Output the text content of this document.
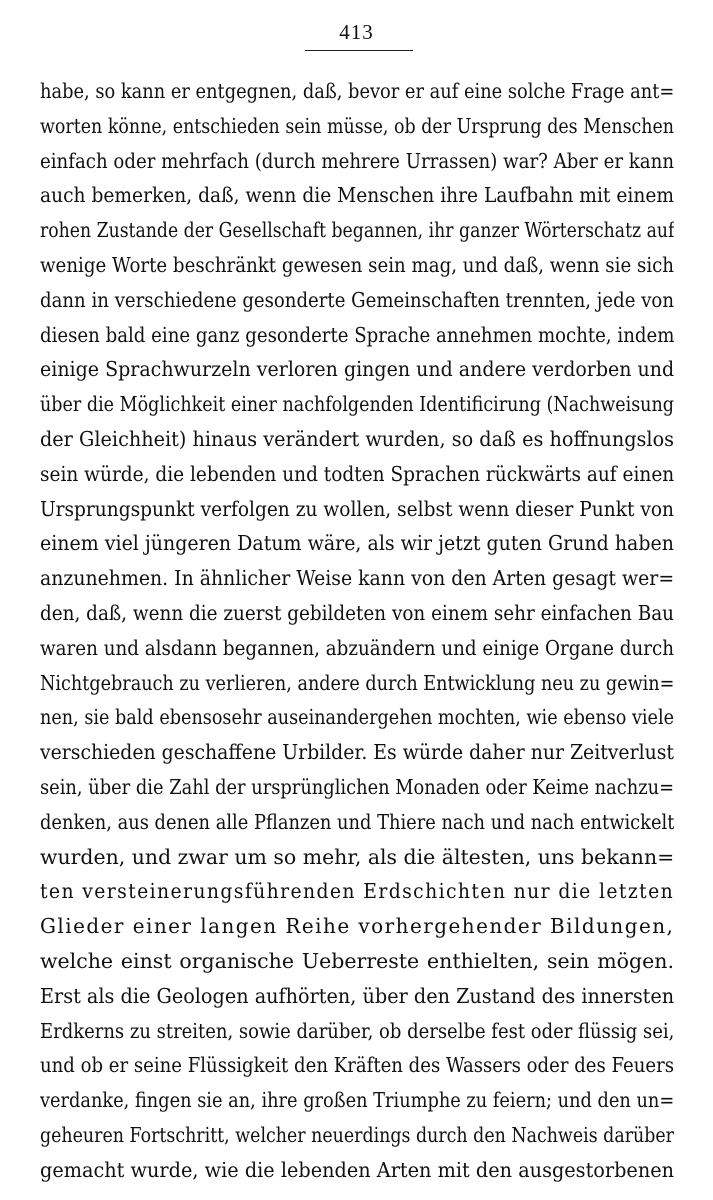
413
habe, so kann er entgegnen, daß, bevor er auf eine solche Frage ant=
worten könne, entschieden sein müsse, ob der Ursprung des Menschen
einfach oder mehrfach (durch mehrere Urrassen) war? Aber er kann
auch bemerken, daß, wenn die Menschen ihre Laufbahn mit einem
rohen Zustande der Gesellschaft begannen, ihr ganzer Wörterschatz auf
wenige Worte beschränkt gewesen sein mag, und daß, wenn sie sich
dann in verschiedene gesonderte Gemeinschaften trennten, jede von
diesen bald eine ganz gesonderte Sprache annehmen mochte, indem
einige Sprachwurzeln verloren gingen und andere verdorben und
über die Möglichkeit einer nachfolgenden Identificirung (Nachweisung
der Gleichheit) hinaus verändert wurden, so daß es hoffnungslos
sein würde, die lebenden und todten Sprachen rückwärts auf einen
Ursprungspunkt verfolgen zu wollen, selbst wenn dieser Punkt von
einem viel jüngeren Datum wäre, als wir jetzt guten Grund haben
anzunehmen. In ähnlicher Weise kann von den Arten gesagt wer=
den, daß, wenn die zuerst gebildeten von einem sehr einfachen Bau
waren und alsdann begannen, abzuändern und einige Organe durch
Nichtgebrauch zu verlieren, andere durch Entwicklung neu zu gewin=
nen, sie bald ebensosehr auseinandergehen mochten, wie ebenso viele
verschieden geschaffene Urbilder. Es würde daher nur Zeitverlust
sein, über die Zahl der ursprünglichen Monaden oder Keime nachzu=
denken, aus denen alle Pflanzen und Thiere nach und nach entwickelt
wurden, und zwar um so mehr, als die ältesten, uns bekann=
ten versteinerungsführenden Erdschichten nur die letzten
Glieder einer langen Reihe vorhergehender Bildungen,
welche einst organische Ueberreste enthielten, sein mögen.
Erst als die Geologen aufhörten, über den Zustand des innersten
Erdkerns zu streiten, sowie darüber, ob derselbe fest oder flüssig sei,
und ob er seine Flüssigkeit den Kräften des Wassers oder des Feuers
verdanke, fingen sie an, ihre großen Triumphe zu feiern; und den un=
geheuren Fortschritt, welcher neuerdings durch den Nachweis darüber
gemacht wurde, wie die lebenden Arten mit den ausgestorbenen
